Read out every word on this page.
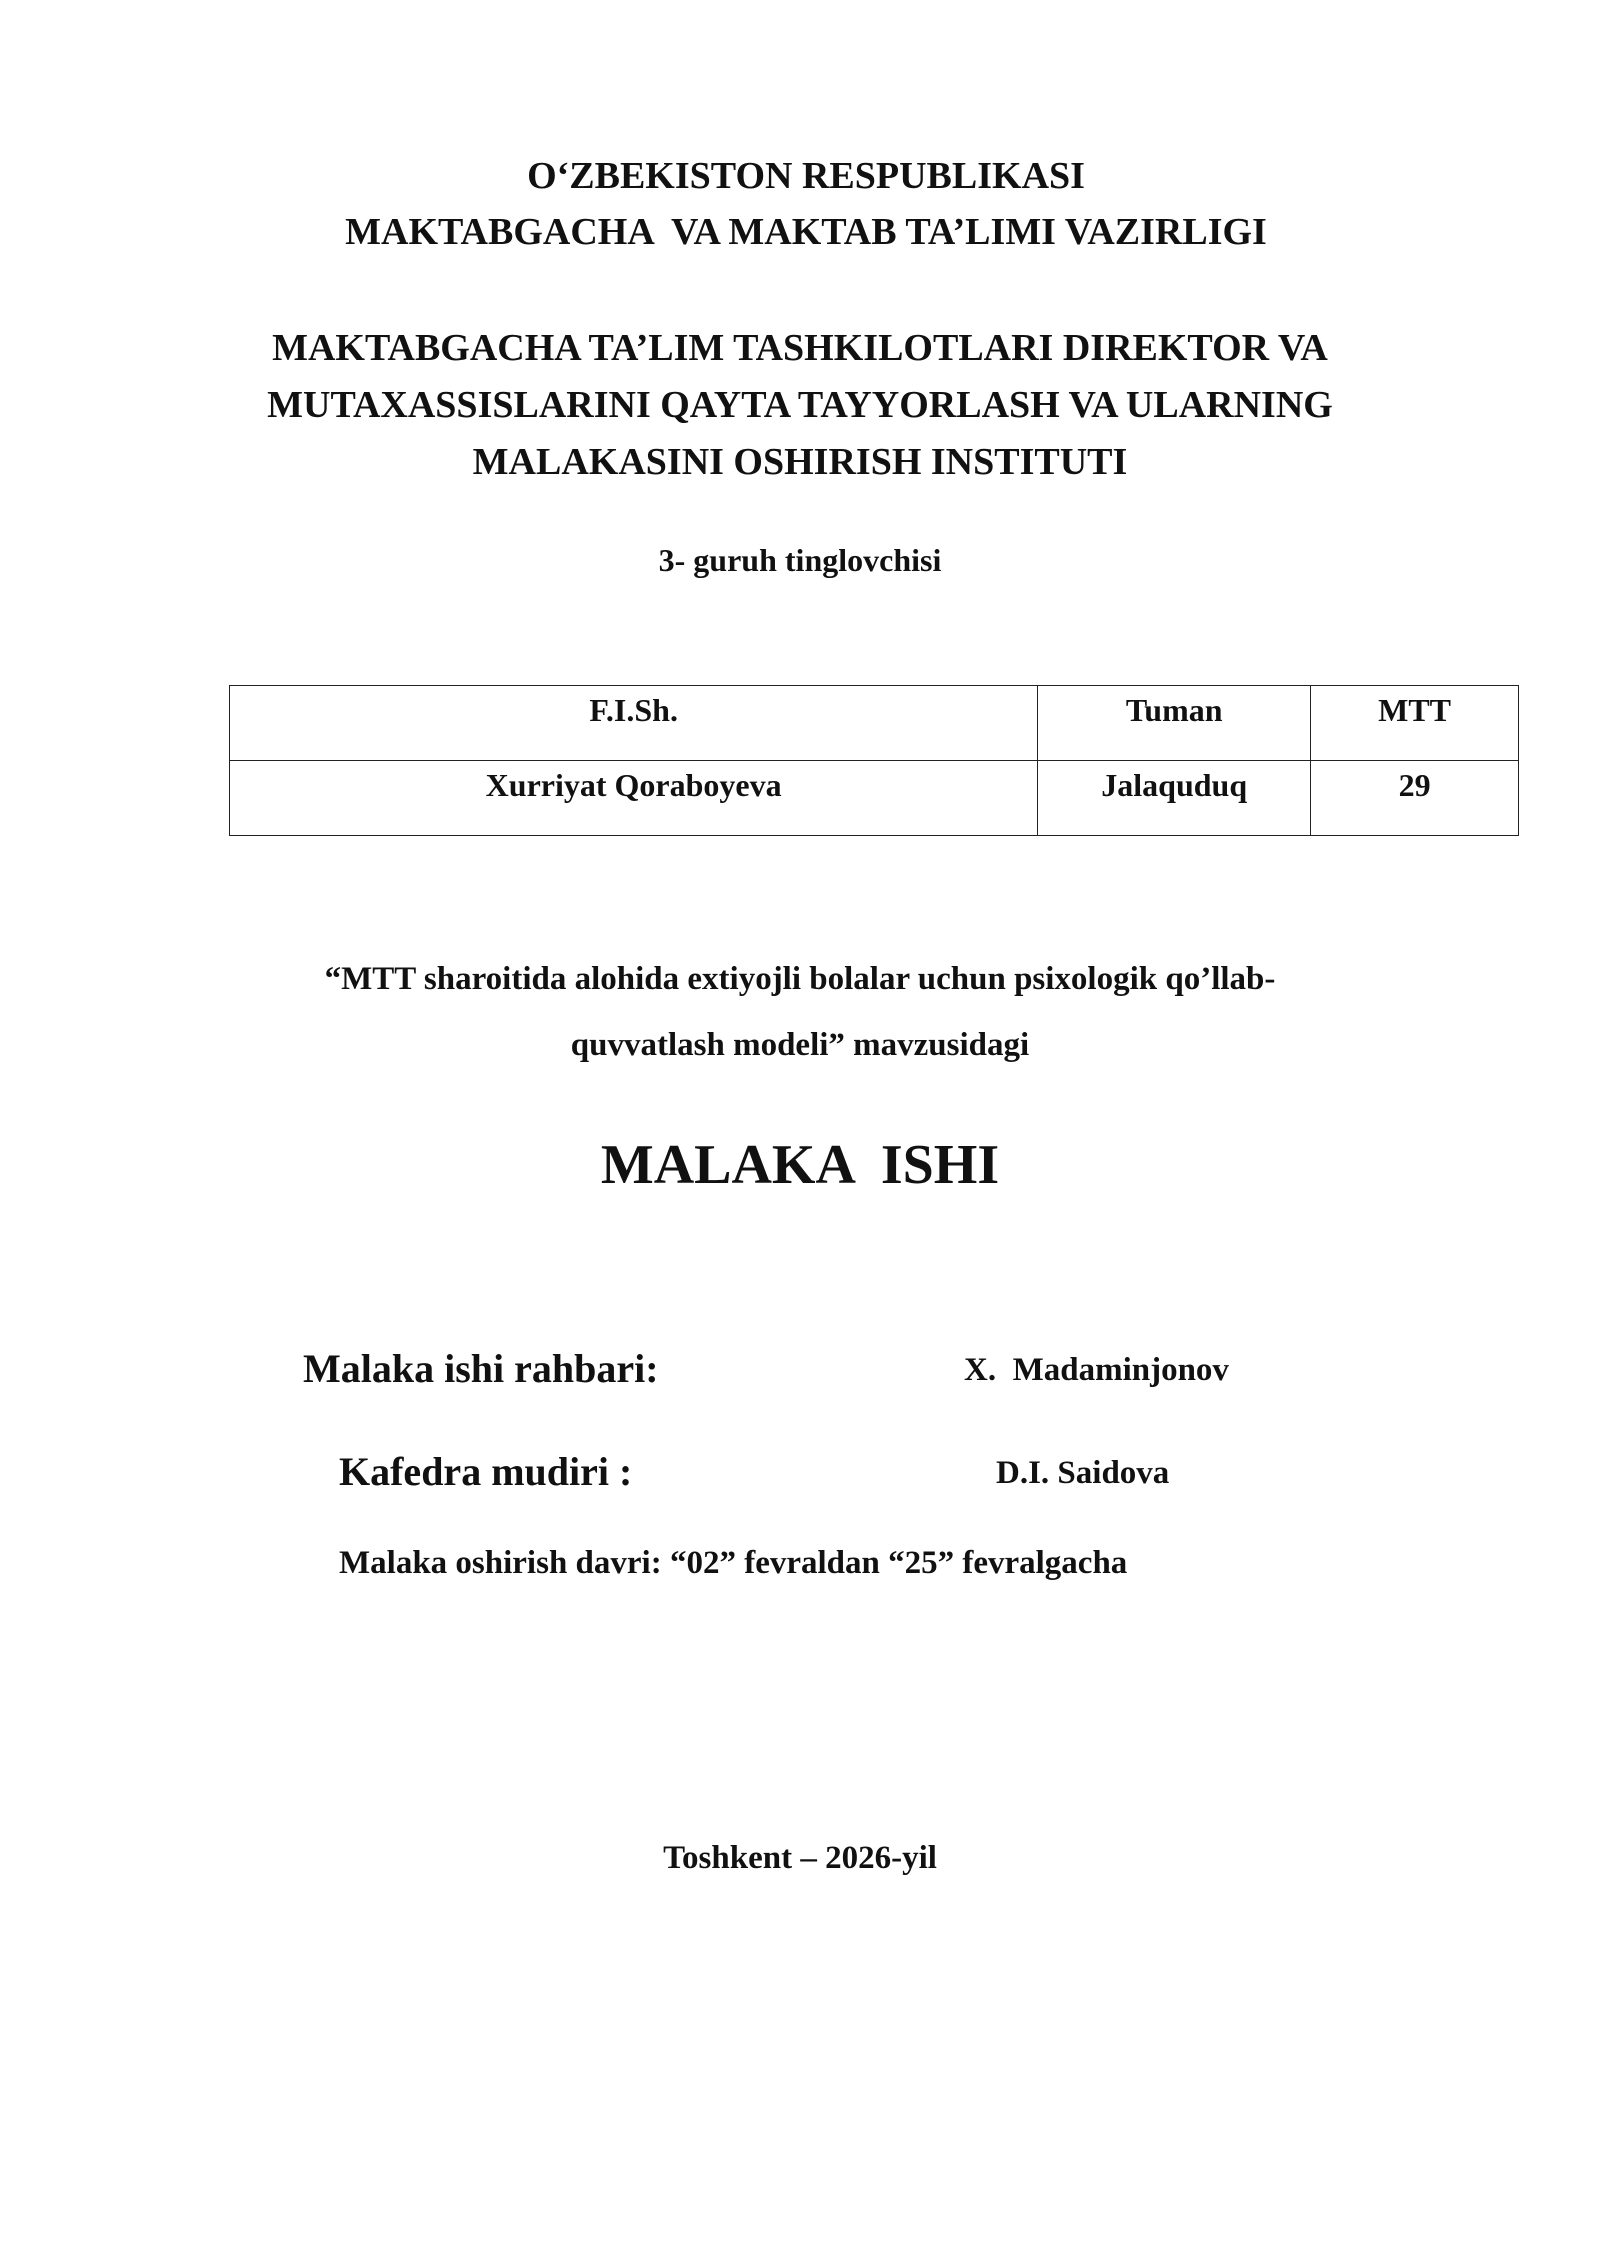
O‘ZBEKISTON RESPUBLIKASI
MAKTABGACHA  VA MAKTAB TA’LIMI VAZIRLIGI
MAKTABGACHA TA’LIM TASHKILOTLARI DIREKTOR VA
MUTAXASSISLARINI QAYTA TAYYORLASH VA ULARNING
MALAKASINI OSHIRISH INSTITUTI
3- guruh tinglovchisi
F.I.Sh.	Tuman	MTT
Xurriyat Qoraboyeva	Jalaquduq	29
“MTT sharoitida alohida extiyojli bolalar uchun psixologik qo’llab-
quvvatlash modeli” mavzusidagi
MALAKA  ISHI
Malaka ishi rahbari:	X.  Madaminjonov
Kafedra mudiri :	D.I. Saidova
Malaka oshirish davri: “02” fevraldan “25” fevralgacha
Toshkent – 2026-yil
